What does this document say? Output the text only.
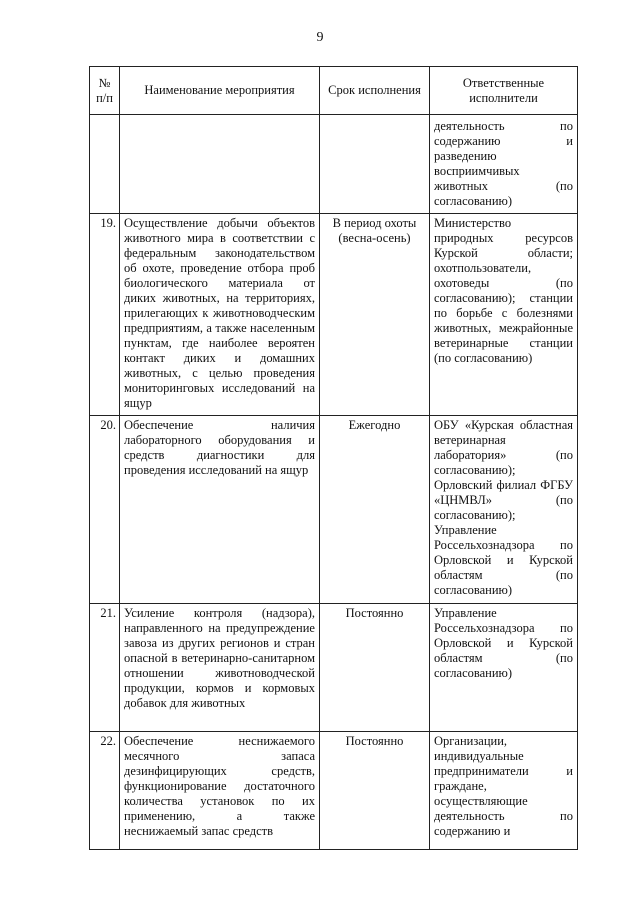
9
№ п/п	Наименование мероприятия	Срок исполнения	Ответственные исполнители
			деятельность по содержанию и разведению восприимчивых животных (по согласованию)
19.	Осуществление добычи объектов животного мира в соответствии с федеральным законодательством об охоте, проведение отбора проб биологического материала от диких животных, на территориях, прилегающих к животноводческим предприятиям, а также населенным пунктам, где наиболее вероятен контакт диких и домашних животных, с целью проведения мониторинговых исследований на ящур	В период охоты (весна-осень)	Министерство природных ресурсов Курской области; охотпользователи, охотоведы (по согласованию); станции по борьбе с болезнями животных, межрайонные ветеринарные станции (по согласованию)
20.	Обеспечение наличия лабораторного оборудования и средств диагностики для проведения исследований на ящур	Ежегодно	ОБУ «Курская областная ветеринарная лаборатория» (по согласованию); Орловский филиал ФГБУ «ЦНМВЛ» (по согласованию); Управление Россельхознадзора по Орловской и Курской областям (по согласованию)
21.	Усиление контроля (надзора), направленного на предупреждение завоза из других регионов и стран опасной в ветеринарно-санитарном отношении животноводческой продукции, кормов и кормовых добавок для животных	Постоянно	Управление Россельхознадзора по Орловской и Курской областям (по согласованию)
22.	Обеспечение неснижаемого месячного запаса дезинфицирующих средств, функционирование достаточного количества установок по их применению, а также неснижаемый запас средств	Постоянно	Организации, индивидуальные предприниматели и граждане, осуществляющие деятельность по содержанию и
